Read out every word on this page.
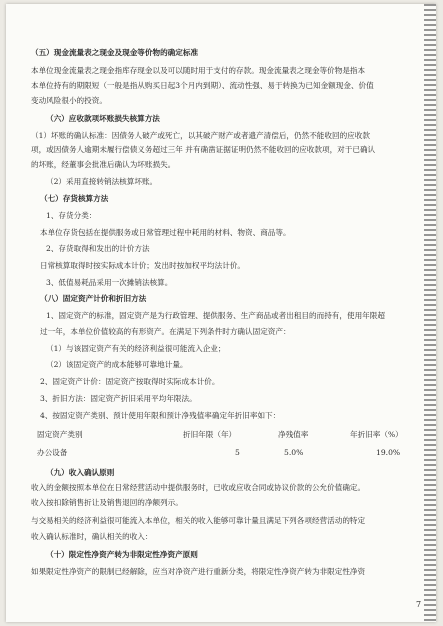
（五）现金流量表之现金及现金等价物的确定标准
本单位现金流量表之现金指库存现金以及可以随时用于支付的存款。现金流量表之现金等价物是指本
本单位持有的期限短（一般是指从购买日起3个月内到期）、流动性强、易于转换为已知金额现金、价值
变动风险很小的投资。
（六）应收款项坏账损失核算方法
（1）坏账的确认标准：因债务人破产或死亡，以其破产财产或者遗产清偿后，仍然不能收回的应收款
项，或因债务人逾期未履行偿债义务超过三年 并有确凿证据证明仍然不能收回的应收款项，对于已确认
的坏账，经董事会批准后确认为坏账损失。
（2）采用直接转销法核算坏账。
（七）存货核算方法
1、存货分类：
本单位存货包括在提供服务或日常管理过程中耗用的材料、物资、商品等。
2、存货取得和发出的计价方法
日常核算取得时按实际成本计价；发出时按加权平均法计价。
3、低值易耗品采用一次摊销法核算。
（八）固定资产计价和折旧方法
1、固定资产的标准，固定资产是为行政管理、提供服务、生产商品或者出租目的而持有，使用年限超
过一年，本单位价值较高的有形资产。在满足下列条件时方确认固定资产：
（1）与该固定资产有关的经济利益很可能流入企业；
（2）该固定资产的成本能够可靠地计量。
2、固定资产计价：固定资产按取得时实际成本计价。
3、折旧方法：固定资产折旧采用平均年限法。
4、按固定资产类别、预计使用年限和预计净残值率确定年折旧率如下：
（九）收入确认原则
收入的金额按照本单位在日常经营活动中提供服务时，已收或应收合同或协议价款的公允价值确定。
收入按扣除销售折让及销售退回的净额列示。
与交易相关的经济利益很可能流入本单位，相关的收入能够可靠计量且满足下列各项经营活动的特定
收入确认标准时，确认相关的收入：
（十）限定性净资产转为非限定性净资产原则
如果限定性净资产的限制已经解除，应当对净资产进行重新分类，将限定性净资产转为非限定性净资
固定资产类别	折旧年限（年）	净残值率	年折旧率（%）
办公设备	5	5.0%	19.0%
7
